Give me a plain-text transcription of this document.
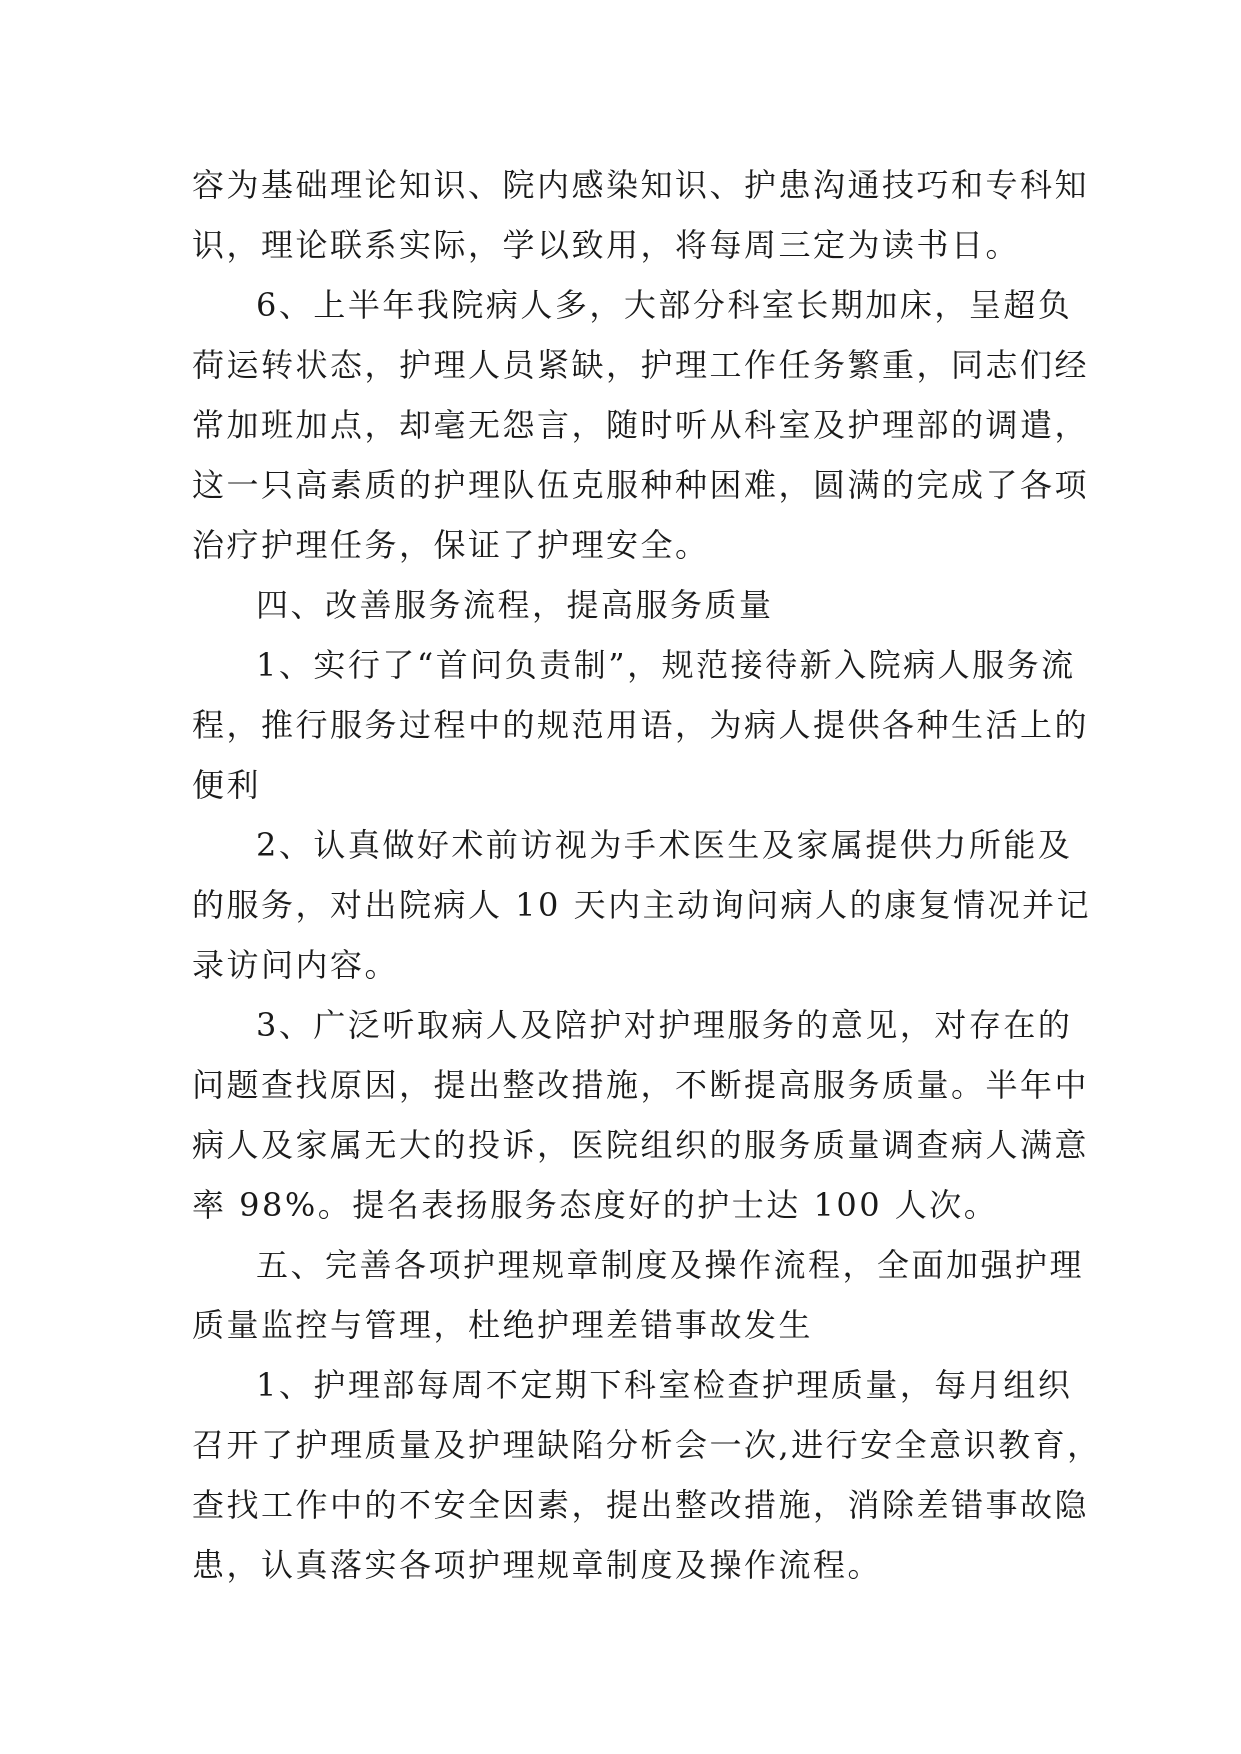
容为基础理论知识、院内感染知识、护患沟通技巧和专科知
识，理论联系实际，学以致用，将每周三定为读书日。
6、上半年我院病人多，大部分科室长期加床，呈超负
荷运转状态，护理人员紧缺，护理工作任务繁重，同志们经
常加班加点，却毫无怨言，随时听从科室及护理部的调遣，
这一只高素质的护理队伍克服种种困难，圆满的完成了各项
治疗护理任务，保证了护理安全。
四、改善服务流程，提高服务质量
1、实行了“首问负责制”，规范接待新入院病人服务流
程，推行服务过程中的规范用语，为病人提供各种生活上的
便利
2、认真做好术前访视为手术医生及家属提供力所能及
的服务，对出院病人 10 天内主动询问病人的康复情况并记
录访问内容。
3、广泛听取病人及陪护对护理服务的意见，对存在的
问题查找原因，提出整改措施，不断提高服务质量。半年中
病人及家属无大的投诉，医院组织的服务质量调查病人满意
率 98%。提名表扬服务态度好的护士达 100 人次。
五、完善各项护理规章制度及操作流程，全面加强护理
质量监控与管理，杜绝护理差错事故发生
1、护理部每周不定期下科室检查护理质量，每月组织
召开了护理质量及护理缺陷分析会一次,进行安全意识教育，
查找工作中的不安全因素，提出整改措施，消除差错事故隐
患，认真落实各项护理规章制度及操作流程。
